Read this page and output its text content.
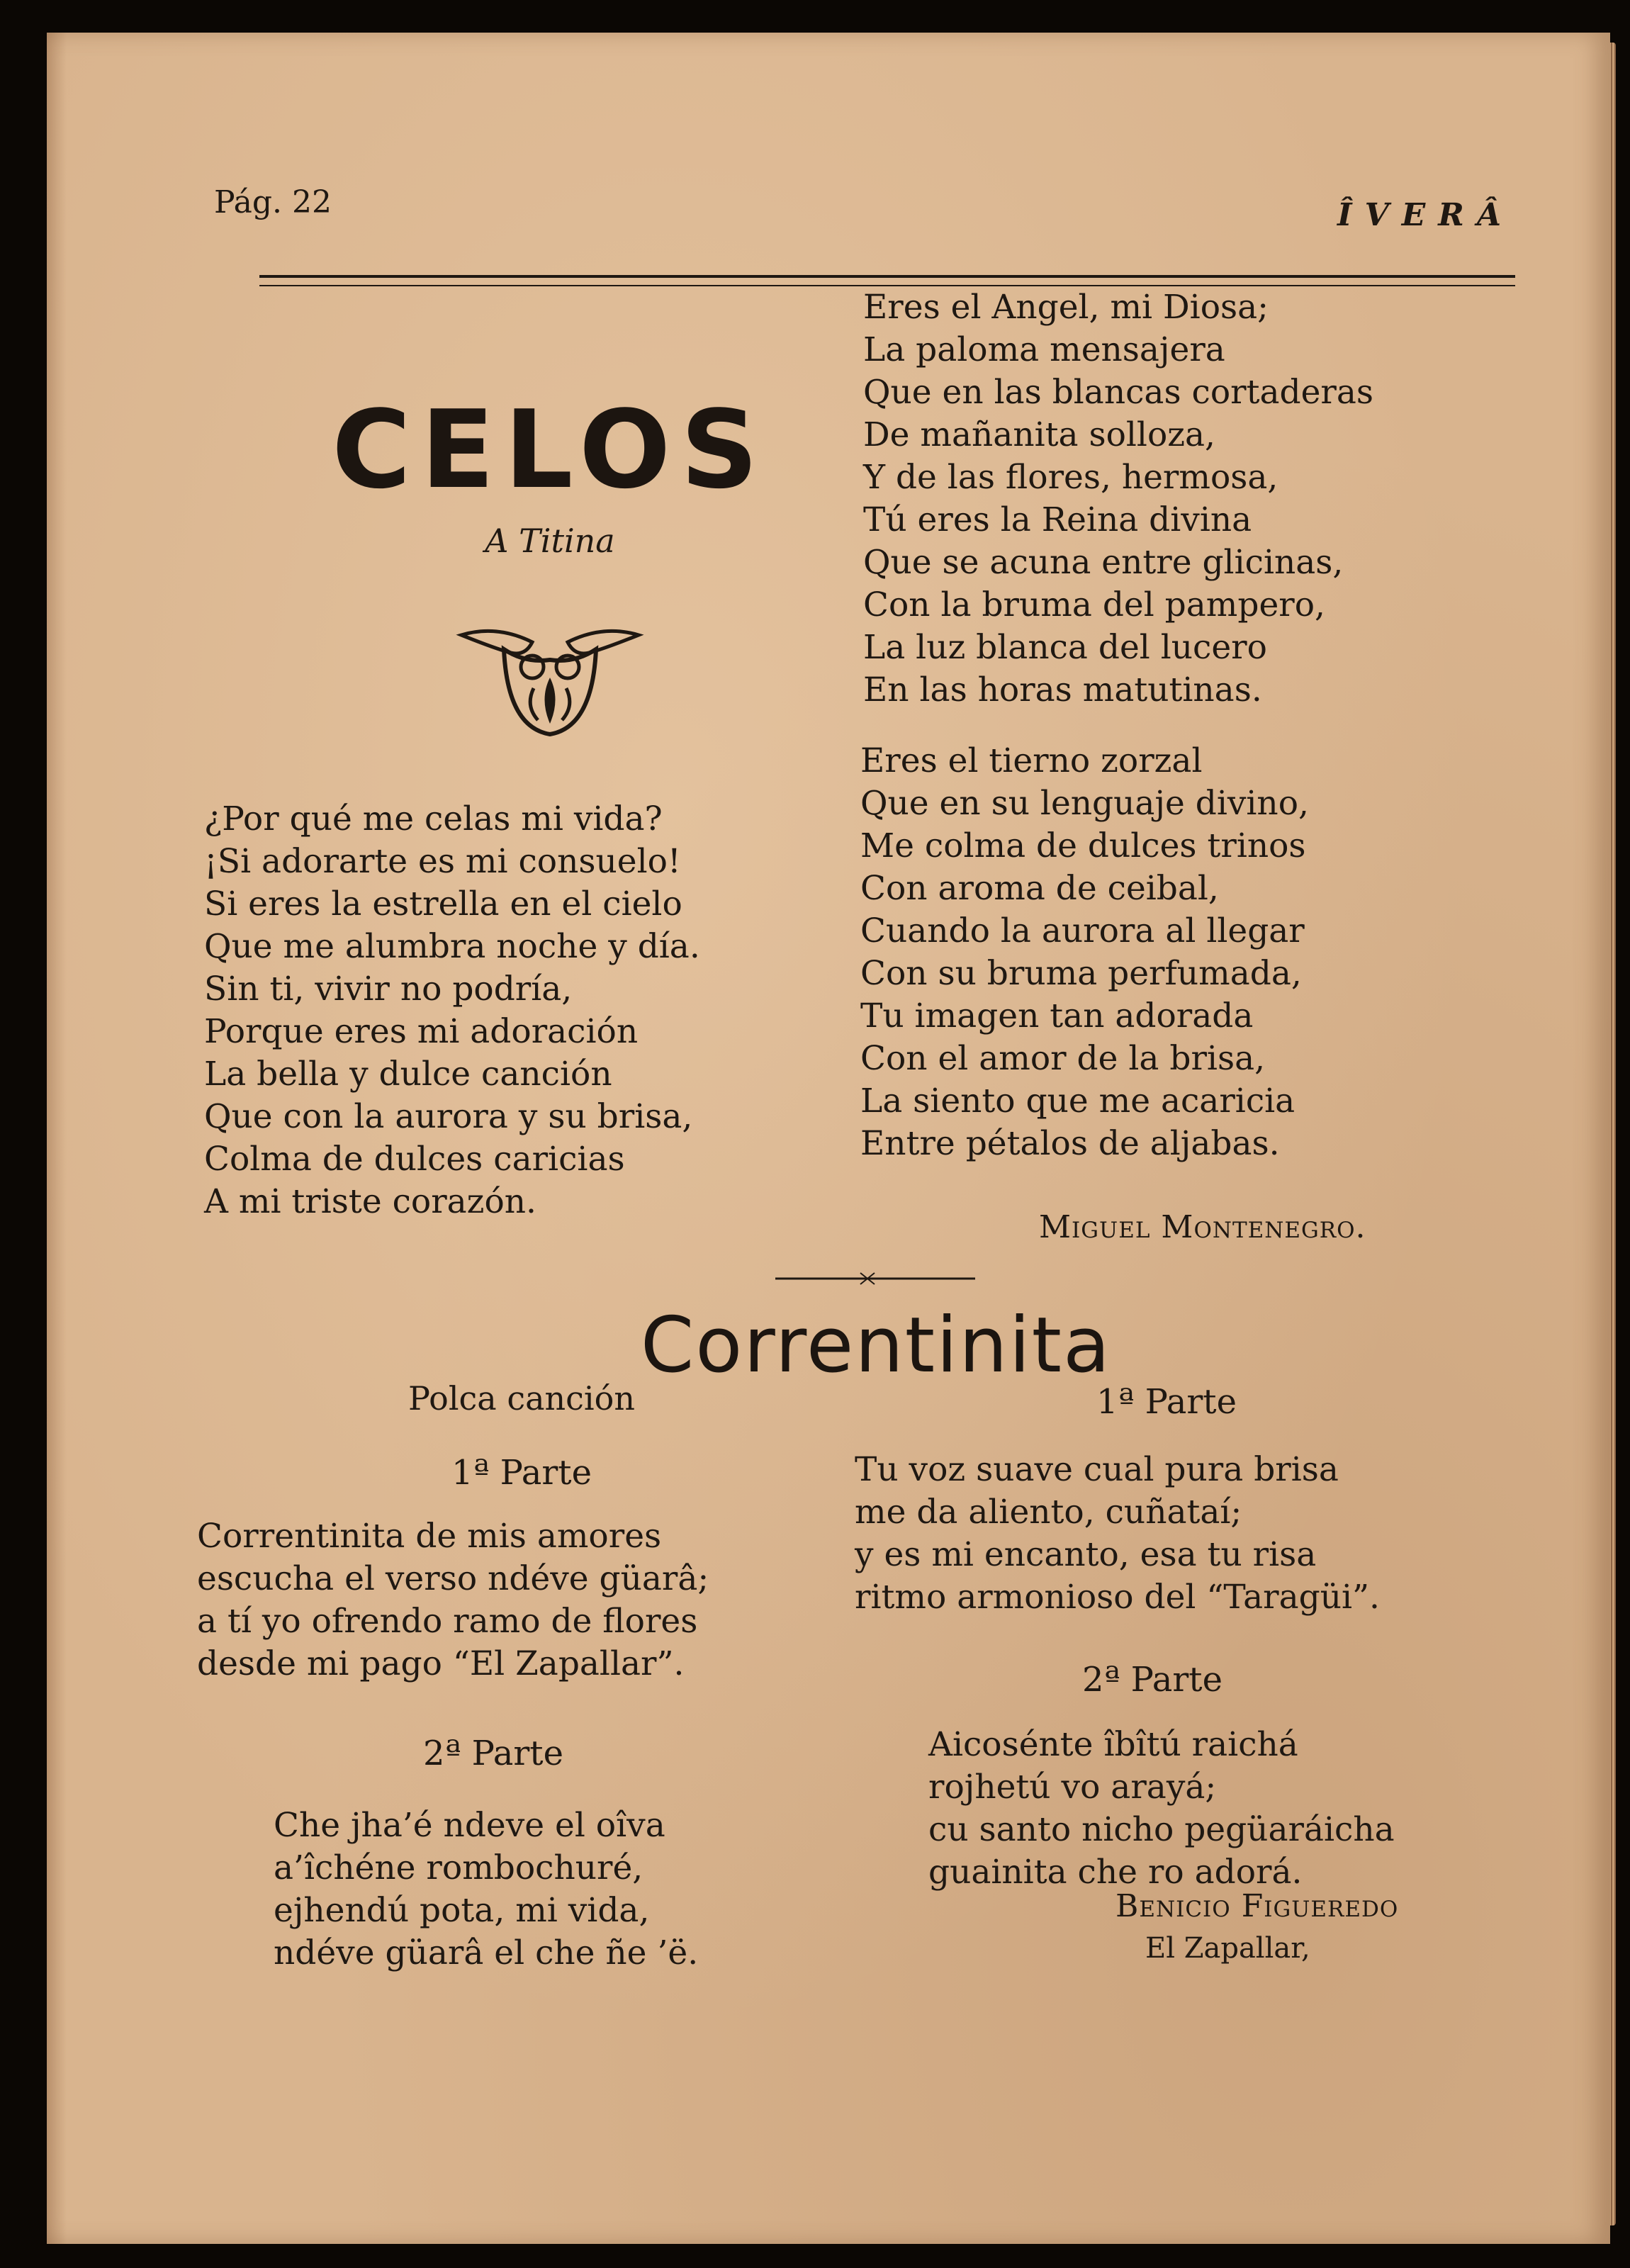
Pág. 22	ÎVERÂ
CELOS
A Titina
¿Por qué me celas mi vida?
¡Si adorarte es mi consuelo!
Si eres la estrella en el cielo
Que me alumbra noche y día.
Sin ti, vivir no podría,
Porque eres mi adoración
La bella y dulce canción
Que con la aurora y su brisa,
Colma de dulces caricias
A mi triste corazón.
Eres el Angel, mi Diosa;
La paloma mensajera
Que en las blancas cortaderas
De mañanita solloza,
Y de las flores, hermosa,
Tú eres la Reina divina
Que se acuna entre glicinas,
Con la bruma del pampero,
La luz blanca del lucero
En las horas matutinas.
Eres el tierno zorzal
Que en su lenguaje divino,
Me colma de dulces trinos
Con aroma de ceibal,
Cuando la aurora al llegar
Con su bruma perfumada,
Tu imagen tan adorada
Con el amor de la brisa,
La siento que me acaricia
Entre pétalos de aljabas.
Miguel Montenegro.
Correntinita
Polca canción
1ª Parte
Correntinita de mis amores
escucha el verso ndéve güarâ;
a tí yo ofrendo ramo de flores
desde mi pago “El Zapallar”.
2ª Parte
Che jha’é ndeve el oîva
a’îchéne rombochuré,
ejhendú pota, mi vida,
ndéve güarâ el che ñe ’ë.
1ª Parte
Tu voz suave cual pura brisa
me da aliento, cuñataí;
y es mi encanto, esa tu risa
ritmo armonioso del “Taragüi”.
2ª Parte
Aicosénte îbîtú raichá
rojhetú vo arayá;
cu santo nicho pegüaráicha
guainita che ro adorá.
Benicio Figueredo
El Zapallar,
